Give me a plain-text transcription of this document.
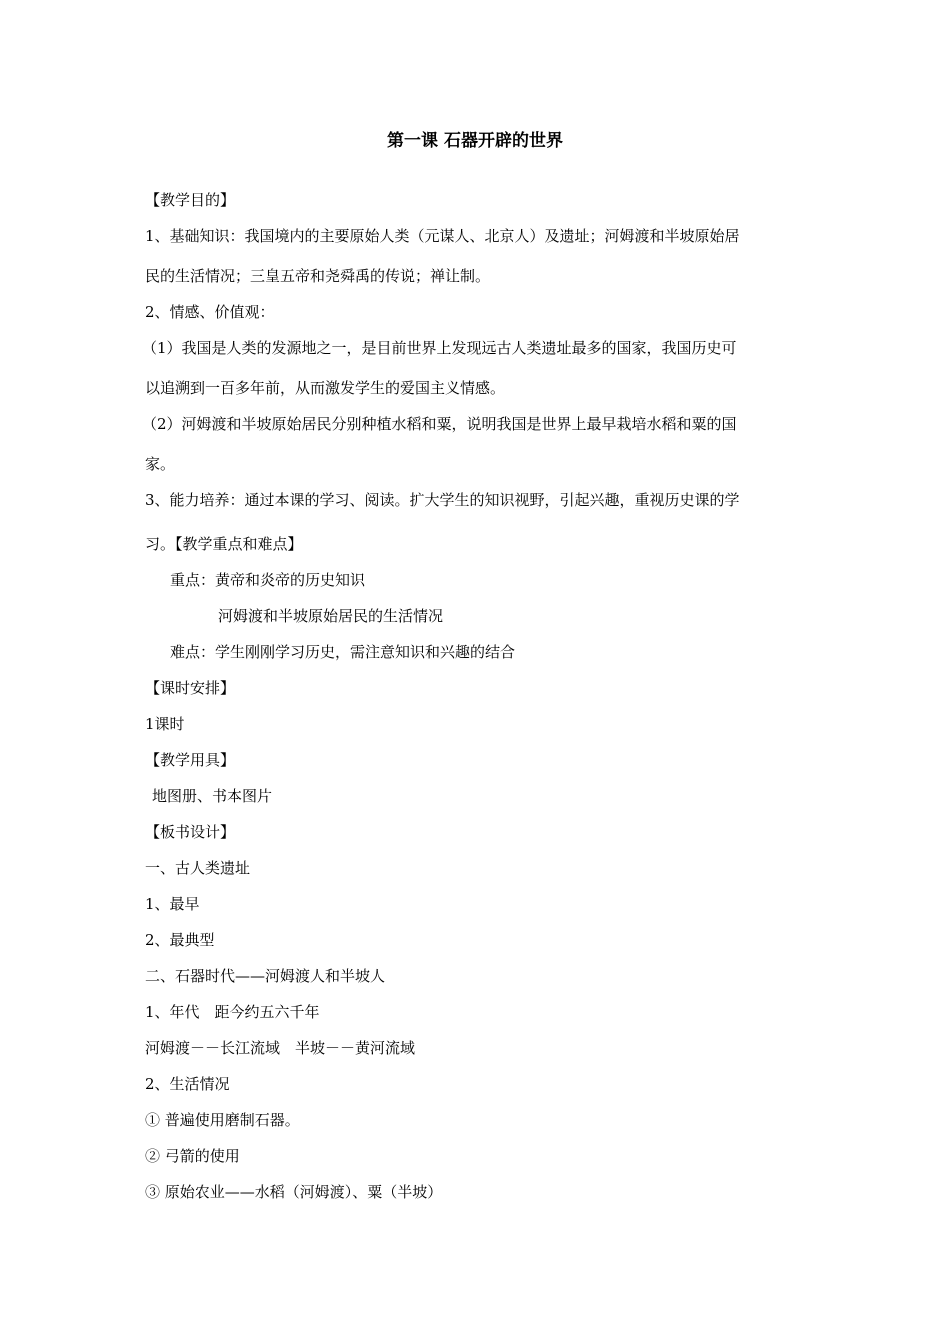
第一课 石器开辟的世界
【教学目的】
1、基础知识：我国境内的主要原始人类（元谋人、北京人）及遗址；河姆渡和半坡原始居
民的生活情况；三皇五帝和尧舜禹的传说；禅让制。
2、情感、价值观：
（1）我国是人类的发源地之一，是目前世界上发现远古人类遗址最多的国家，我国历史可
以追溯到一百多年前，从而激发学生的爱国主义情感。
（2）河姆渡和半坡原始居民分别种植水稻和粟，说明我国是世界上最早栽培水稻和粟的国
家。
3、能力培养：通过本课的学习、阅读。扩大学生的知识视野，引起兴趣，重视历史课的学
习。【教学重点和难点】
重点：黄帝和炎帝的历史知识
河姆渡和半坡原始居民的生活情况
难点：学生刚刚学习历史，需注意知识和兴趣的结合
【课时安排】
1课时
【教学用具】
地图册、书本图片
【板书设计】
一、古人类遗址
1、最早
2、最典型
二、石器时代——河姆渡人和半坡人
1、年代　距今约五六千年
河姆渡－－长江流域　半坡－－黄河流域
2、生活情况
① 普遍使用磨制石器。
② 弓箭的使用
③ 原始农业——水稻（河姆渡）、粟（半坡）
